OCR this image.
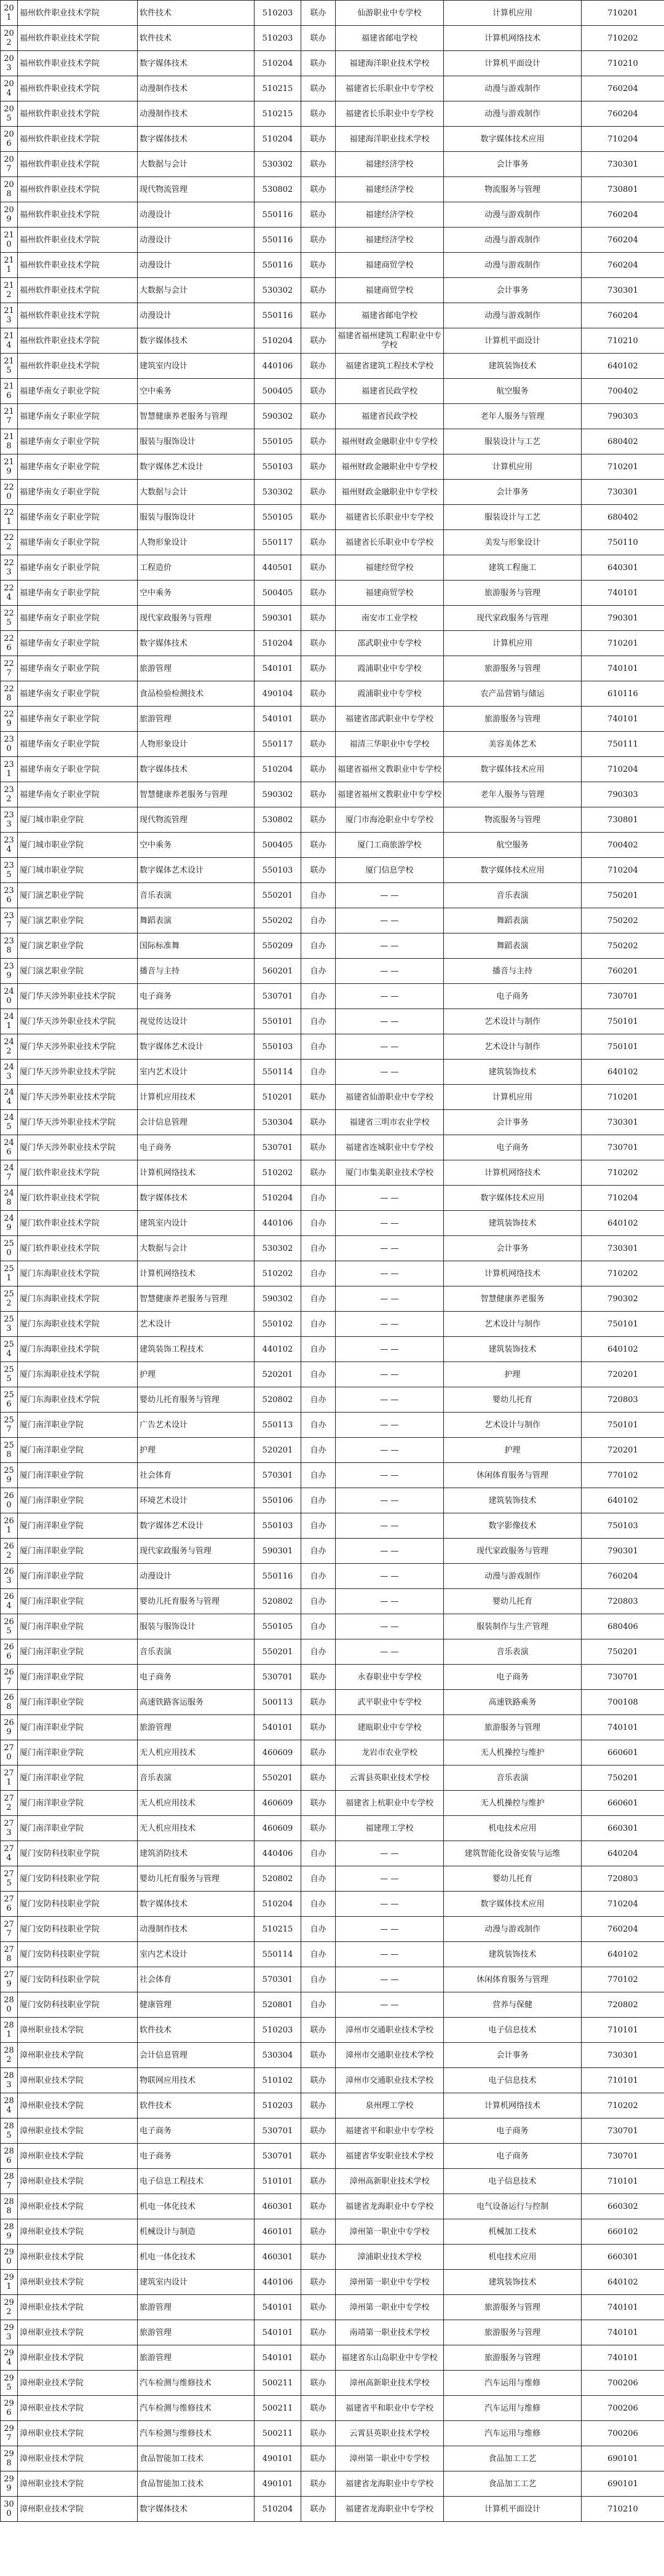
201	福州软件职业技术学院	软件技术	510203	联办	仙游职业中专学校	计算机应用	710201
202	福州软件职业技术学院	软件技术	510203	联办	福建省邮电学校	计算机网络技术	710202
203	福州软件职业技术学院	数字媒体技术	510204	联办	福建海洋职业技术学校	计算机平面设计	710210
204	福州软件职业技术学院	动漫制作技术	510215	联办	福建省长乐职业中专学校	动漫与游戏制作	760204
205	福州软件职业技术学院	动漫制作技术	510215	联办	福建省长乐职业中专学校	动漫与游戏制作	760204
206	福州软件职业技术学院	数字媒体技术	510204	联办	福建海洋职业技术学校	数字媒体技术应用	710204
207	福州软件职业技术学院	大数据与会计	530302	联办	福建经济学校	会计事务	730301
208	福州软件职业技术学院	现代物流管理	530802	联办	福建经济学校	物流服务与管理	730801
209	福州软件职业技术学院	动漫设计	550116	联办	福建经济学校	动漫与游戏制作	760204
210	福州软件职业技术学院	动漫设计	550116	联办	福建经济学校	动漫与游戏制作	760204
211	福州软件职业技术学院	动漫设计	550116	联办	福建商贸学校	动漫与游戏制作	760204
212	福州软件职业技术学院	大数据与会计	530302	联办	福建商贸学校	会计事务	730301
213	福州软件职业技术学院	动漫设计	550116	联办	福建省邮电学校	动漫与游戏制作	760204
214	福州软件职业技术学院	数字媒体技术	510204	联办	福建省福州建筑工程职业中专学校	计算机平面设计	710210
215	福州软件职业技术学院	建筑室内设计	440106	联办	福建省建筑工程技术学校	建筑装饰技术	640102
216	福建华南女子职业学院	空中乘务	500405	联办	福建省民政学校	航空服务	700402
217	福建华南女子职业学院	智慧健康养老服务与管理	590302	联办	福建省民政学校	老年人服务与管理	790303
218	福建华南女子职业学院	服装与服饰设计	550105	联办	福州财政金融职业中专学校	服装设计与工艺	680402
219	福建华南女子职业学院	数字媒体艺术设计	550103	联办	福州财政金融职业中专学校	计算机应用	710201
220	福建华南女子职业学院	大数据与会计	530302	联办	福州财政金融职业中专学校	会计事务	730301
221	福建华南女子职业学院	服装与服饰设计	550105	联办	福建省长乐职业中专学校	服装设计与工艺	680402
222	福建华南女子职业学院	人物形象设计	550117	联办	福建省长乐职业中专学校	美发与形象设计	750110
223	福建华南女子职业学院	工程造价	440501	联办	福建经贸学校	建筑工程施工	640301
224	福建华南女子职业学院	空中乘务	500405	联办	福建商贸学校	旅游服务与管理	740101
225	福建华南女子职业学院	现代家政服务与管理	590301	联办	南安市工业学校	现代家政服务与管理	790301
226	福建华南女子职业学院	数字媒体技术	510204	联办	邵武职业中专学校	计算机应用	710201
227	福建华南女子职业学院	旅游管理	540101	联办	霞浦职业中专学校	旅游服务与管理	740101
228	福建华南女子职业学院	食品检验检测技术	490104	联办	霞浦职业中专学校	农产品营销与储运	610116
229	福建华南女子职业学院	旅游管理	540101	联办	福建省邵武职业中专学校	旅游服务与管理	740101
230	福建华南女子职业学院	人物形象设计	550117	联办	福清三华职业中专学校	美容美体艺术	750111
231	福建华南女子职业学院	数字媒体技术	510204	联办	福建省福州文教职业中专学校	数字媒体技术应用	710204
232	福建华南女子职业学院	智慧健康养老服务与管理	590302	联办	福建省福州文教职业中专学校	老年人服务与管理	790303
233	厦门城市职业学院	现代物流管理	530802	联办	厦门市海沧职业中专学校	物流服务与管理	730801
234	厦门城市职业学院	空中乘务	500405	联办	厦门工商旅游学校	航空服务	700402
235	厦门城市职业学院	数字媒体艺术设计	550103	联办	厦门信息学校	数字媒体技术应用	710204
236	厦门演艺职业学院	音乐表演	550201	自办	— —	音乐表演	750201
237	厦门演艺职业学院	舞蹈表演	550202	自办	— —	舞蹈表演	750202
238	厦门演艺职业学院	国际标准舞	550209	自办	— —	舞蹈表演	750202
239	厦门演艺职业学院	播音与主持	560201	自办	— —	播音与主持	760201
240	厦门华天涉外职业技术学院	电子商务	530701	自办	— —	电子商务	730701
241	厦门华天涉外职业技术学院	视觉传达设计	550101	自办	— —	艺术设计与制作	750101
242	厦门华天涉外职业技术学院	数字媒体艺术设计	550103	自办	— —	艺术设计与制作	750101
243	厦门华天涉外职业技术学院	室内艺术设计	550114	自办	— —	建筑装饰技术	640102
244	厦门华天涉外职业技术学院	计算机应用技术	510201	联办	福建省仙游职业中专学校	计算机应用	710201
245	厦门华天涉外职业技术学院	会计信息管理	530304	联办	福建省三明市农业学校	会计事务	730301
246	厦门华天涉外职业技术学院	电子商务	530701	联办	福建省连城职业中专学校	电子商务	730701
247	厦门软件职业技术学院	计算机网络技术	510202	联办	厦门市集美职业技术学校	计算机网络技术	710202
248	厦门软件职业技术学院	数字媒体技术	510204	自办	— —	数字媒体技术应用	710204
249	厦门软件职业技术学院	建筑室内设计	440106	自办	— —	建筑装饰技术	640102
250	厦门软件职业技术学院	大数据与会计	530302	自办	— —	会计事务	730301
251	厦门东海职业技术学院	计算机网络技术	510202	自办	— —	计算机网络技术	710202
252	厦门东海职业技术学院	智慧健康养老服务与管理	590302	自办	— —	智慧健康养老服务	790302
253	厦门东海职业技术学院	艺术设计	550102	自办	— —	艺术设计与制作	750101
254	厦门东海职业技术学院	建筑装饰工程技术	440102	自办	— —	建筑装饰技术	640102
255	厦门东海职业技术学院	护理	520201	自办	— —	护理	720201
256	厦门东海职业技术学院	婴幼儿托育服务与管理	520802	自办	— —	婴幼儿托育	720803
257	厦门南洋职业学院	广告艺术设计	550113	自办	— —	艺术设计与制作	750101
258	厦门南洋职业学院	护理	520201	自办	— —	护理	720201
259	厦门南洋职业学院	社会体育	570301	自办	— —	休闲体育服务与管理	770102
260	厦门南洋职业学院	环境艺术设计	550106	自办	— —	建筑装饰技术	640102
261	厦门南洋职业学院	数字媒体艺术设计	550103	自办	— —	数字影像技术	750103
262	厦门南洋职业学院	现代家政服务与管理	590301	自办	— —	现代家政服务与管理	790301
263	厦门南洋职业学院	动漫设计	550116	自办	— —	动漫与游戏制作	760204
264	厦门南洋职业学院	婴幼儿托育服务与管理	520802	自办	— —	婴幼儿托育	720803
265	厦门南洋职业学院	服装与服饰设计	550105	自办	— —	服装制作与生产管理	680406
266	厦门南洋职业学院	音乐表演	550201	自办	— —	音乐表演	750201
267	厦门南洋职业学院	电子商务	530701	联办	永春职业中专学校	电子商务	730701
268	厦门南洋职业学院	高速铁路客运服务	500113	联办	武平职业中专学校	高速铁路乘务	700108
269	厦门南洋职业学院	旅游管理	540101	联办	建瓯职业中专学校	旅游服务与管理	740101
270	厦门南洋职业学院	无人机应用技术	460609	联办	龙岩市农业学校	无人机操控与维护	660601
271	厦门南洋职业学院	音乐表演	550201	联办	云霄县英职业技术学校	音乐表演	750201
272	厦门南洋职业学院	无人机应用技术	460609	联办	福建省上杭职业中专学校	无人机操控与维护	660601
273	厦门南洋职业学院	无人机应用技术	460609	联办	福建理工学校	机电技术应用	660301
274	厦门安防科技职业学院	建筑消防技术	440406	自办	— —	建筑智能化设备安装与运维	640204
275	厦门安防科技职业学院	婴幼儿托育服务与管理	520802	自办	— —	婴幼儿托育	720803
276	厦门安防科技职业学院	数字媒体技术	510204	自办	— —	数字媒体技术应用	710204
277	厦门安防科技职业学院	动漫制作技术	510215	自办	— —	动漫与游戏制作	760204
278	厦门安防科技职业学院	室内艺术设计	550114	自办	— —	建筑装饰技术	640102
279	厦门安防科技职业学院	社会体育	570301	自办	— —	休闲体育服务与管理	770102
280	厦门安防科技职业学院	健康管理	520801	自办	— —	营养与保健	720802
281	漳州职业技术学院	软件技术	510203	联办	漳州市交通职业技术学校	电子信息技术	710101
282	漳州职业技术学院	会计信息管理	530304	联办	漳州市交通职业技术学校	会计事务	730301
283	漳州职业技术学院	物联网应用技术	510102	联办	漳州市交通职业技术学校	电子信息技术	710101
284	漳州职业技术学院	软件技术	510203	联办	泉州理工学校	计算机网络技术	710202
285	漳州职业技术学院	电子商务	530701	联办	福建省平和职业中专学校	电子商务	730701
286	漳州职业技术学院	电子商务	530701	联办	福建省华安职业技术学校	电子商务	730701
287	漳州职业技术学院	电子信息工程技术	510101	联办	漳州高新职业技术学校	电子信息技术	710101
288	漳州职业技术学院	机电一体化技术	460301	联办	福建省龙海职业中专学校	电气设备运行与控制	660302
289	漳州职业技术学院	机械设计与制造	460101	联办	漳州第一职业中专学校	机械加工技术	660102
290	漳州职业技术学院	机电一体化技术	460301	联办	漳浦职业技术学校	机电技术应用	660301
291	漳州职业技术学院	建筑室内设计	440106	联办	漳州第一职业中专学校	建筑装饰技术	640102
292	漳州职业技术学院	旅游管理	540101	联办	漳州第一职业中专学校	旅游服务与管理	740101
293	漳州职业技术学院	旅游管理	540101	联办	南靖第一职业技术学校	旅游服务与管理	740101
294	漳州职业技术学院	旅游管理	540101	联办	福建省东山岛职业中专学校	旅游服务与管理	740101
295	漳州职业技术学院	汽车检测与维修技术	500211	联办	漳州高新职业技术学校	汽车运用与维修	700206
296	漳州职业技术学院	汽车检测与维修技术	500211	联办	福建省平和职业中专学校	汽车运用与维修	700206
297	漳州职业技术学院	汽车检测与维修技术	500211	联办	云霄县英职业技术学校	汽车运用与维修	700206
298	漳州职业技术学院	食品智能加工技术	490101	联办	漳州第一职业中专学校	食品加工工艺	690101
299	漳州职业技术学院	食品智能加工技术	490101	联办	福建省龙海职业中专学校	食品加工工艺	690101
300	漳州职业技术学院	数字媒体技术	510204	联办	福建省龙海职业中专学校	计算机平面设计	710210
